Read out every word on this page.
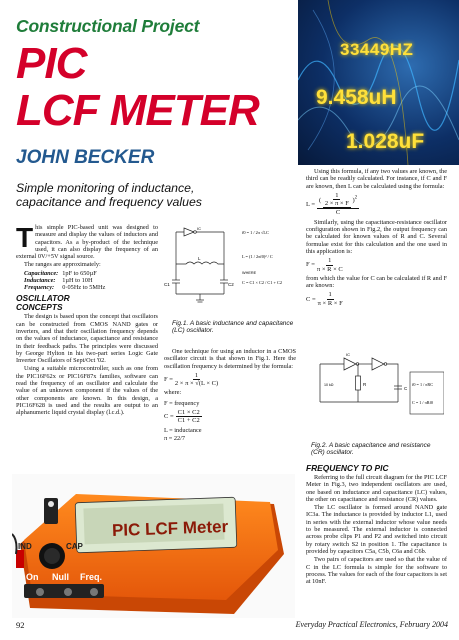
Constructional Project
PIC
LCF METER
JOHN BECKER
Simple monitoring of inductance,
capacitance and frequency values
33449HZ
9.458uH
1.028uF

This simple PIC-based unit was designed to measure and display the values of inductors and capacitors. As a by-product of the technique used, it can also display the frequency of an external 0V/+5V signal source.

The ranges are approximately:

Capacitance:	1pF to 650µF
Inductance:	1µH to 10H
Frequency:	0·05Hz to 5MHz
OSCILLATOR
CONCEPTS

The design is based upon the concept that oscillators can be constructed from CMOS NAND gates or inverters, and that their oscillation frequency depends on the values of inductance, capacitance and resistance in their feedback paths. The principles were discussed by George Hylton in his two-part series Logic Gate Inverter Oscillators of Sept/Oct '02.

Using a suitable microcontroller, such as one from the PIC16F62x or PIC16F87x families, software can read the frequency of an oscillator and calculate the value of an unknown component if the values of the other components are known. In this design, a PIC16F628 is used and the results are output to an alphanumeric liquid crystal display (l.c.d.).

C1	C2
L
IC
f0 = 1 / 2π √LC
L = (1 / 2πf0)² / C
WHERE
C = C1 × C2 / C1 + C2
Fig.1. A basic inductance and capacitance (LC) oscillator.

One technique for using an inductor in a CMOS oscillator circuit is that shown in Fig.1. Here the oscillation frequency is determined by the formula:

$F = \frac{1}{2 \times \pi \times √(L \times C)}$

where:

F = frequency

$C = \frac{C1 \times C2}{C1 + C2}$

L = inductance

π = 22/7

Using this formula, if any two values are known, the third can be readily calculated. For instance, if C and F are known, then L can be calculated using the formula:

$L = \frac{( \frac{1}{2 \times \pi \times F} )^2}{C}$

Similarly, using the capacitance-resistance oscillator configuration shown in Fig.2, the output frequency can be calculated for known values of R and C. Several formulae exist for this calculation and the one used in this application is:

$F = \frac{1}{\pi \times R \times C}$

from which the value for C can be calculated if R and F are known:

$C = \frac{1}{\pi \times R \times F}$
IC
R
C
10 kΩ	f0 = 1 / πRC
C = 1 / πRf0
Fig.2. A basic capacitance and resistance (CR) oscillator.
PIC LCF Meter
IND	CAP
On Null Freq.
FREQUENCY TO PIC

Referring to the full circuit diagram for the PIC LCF Meter in Fig.3, two independent oscillators are used, one based on inductance and capacitance (LC) values, the other on capacitance and resistance (CR) values.

The LC oscillator is formed around NAND gate IC3a. The inductance is provided by inductor L1, used in series with the external inductor whose value needs to be measured. The external inductor is connected across probe clips P1 and P2 and switched into circuit by rotary switch S2 in position 1. The capacitance is provided by capacitors C5a, C5b, C6a and C6b.

Two pairs of capacitors are used so that the value of C in the LC formula is simple for the software to process. The values for each of the four capacitors is set at 10nF.

92	Everyday Practical Electronics, February 2004
